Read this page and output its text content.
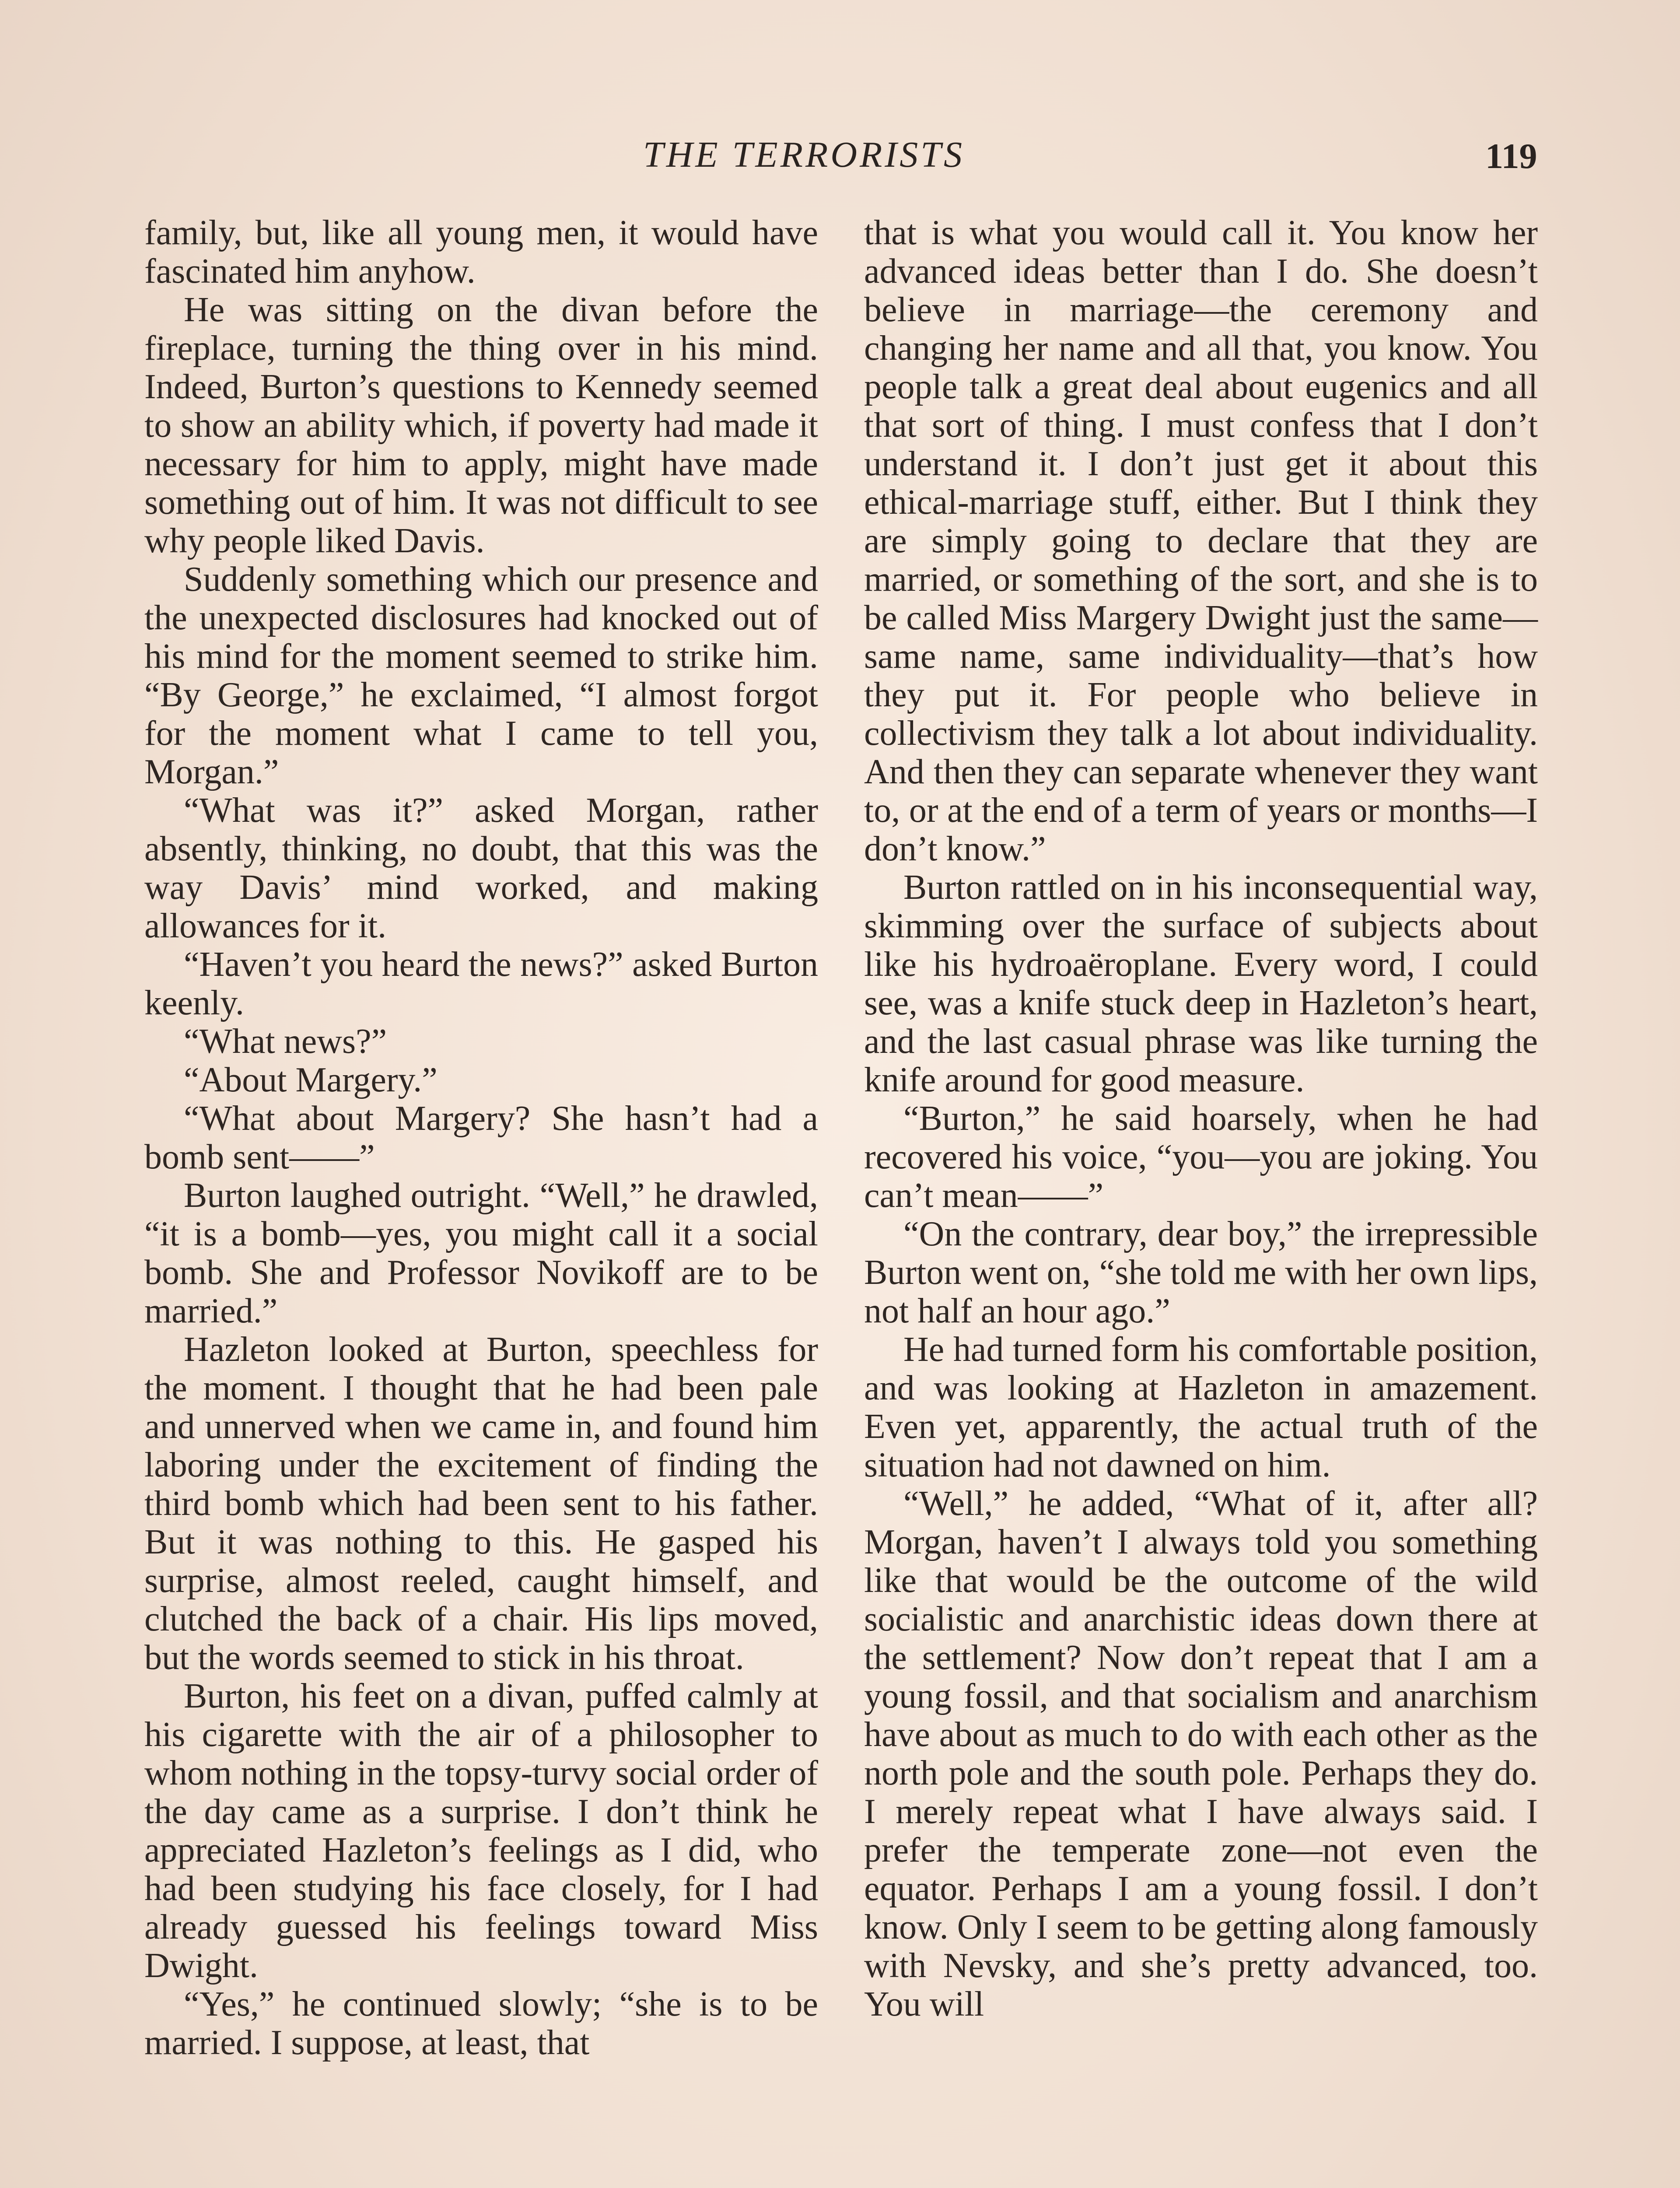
THE TERRORISTS	119

family, but, like all young men, it would have fascinated him anyhow.

He was sitting on the divan before the fireplace, turning the thing over in his mind. Indeed, Burton’s questions to Kennedy seemed to show an ability which, if poverty had made it necessary for him to apply, might have made something out of him. It was not difficult to see why people liked Davis.

Suddenly something which our presence and the unexpected disclosures had knocked out of his mind for the moment seemed to strike him. “By George,” he exclaimed, “I almost forgot for the moment what I came to tell you, Morgan.”

“What was it?” asked Morgan, rather absently, thinking, no doubt, that this was the way Davis’ mind worked, and making allowances for it.

“Haven’t you heard the news?” asked Burton keenly.

“What news?”

“About Margery.”

“What about Margery? She hasn’t had a bomb sent——”

Burton laughed outright. “Well,” he drawled, “it is a bomb—yes, you might call it a social bomb. She and Professor Novikoff are to be married.”

Hazleton looked at Burton, speechless for the moment. I thought that he had been pale and unnerved when we came in, and found him laboring under the excitement of finding the third bomb which had been sent to his father. But it was nothing to this. He gasped his surprise, almost reeled, caught himself, and clutched the back of a chair. His lips moved, but the words seemed to stick in his throat.

Burton, his feet on a divan, puffed calmly at his cigarette with the air of a philosopher to whom nothing in the topsy-turvy social order of the day came as a surprise. I don’t think he appreciated Hazleton’s feelings as I did, who had been studying his face closely, for I had already guessed his feelings toward Miss Dwight.

“Yes,” he continued slowly; “she is to be married. I suppose, at least, that

that is what you would call it. You know her advanced ideas better than I do. She doesn’t believe in marriage—the ceremony and changing her name and all that, you know. You people talk a great deal about eugenics and all that sort of thing. I must confess that I don’t understand it. I don’t just get it about this ethical-marriage stuff, either. But I think they are simply going to declare that they are married, or something of the sort, and she is to be called Miss Margery Dwight just the same—same name, same individuality—that’s how they put it. For people who believe in collectivism they talk a lot about individuality. And then they can separate whenever they want to, or at the end of a term of years or months—I don’t know.”

Burton rattled on in his inconsequential way, skimming over the surface of subjects about like his hydroaëroplane. Every word, I could see, was a knife stuck deep in Hazleton’s heart, and the last casual phrase was like turning the knife around for good measure.

“Burton,” he said hoarsely, when he had recovered his voice, “you—you are joking. You can’t mean——”

“On the contrary, dear boy,” the irrepressible Burton went on, “she told me with her own lips, not half an hour ago.”

He had turned form his comfortable position, and was looking at Hazleton in amazement. Even yet, apparently, the actual truth of the situation had not dawned on him.

“Well,” he added, “What of it, after all? Morgan, haven’t I always told you something like that would be the outcome of the wild socialistic and anarchistic ideas down there at the settlement? Now don’t repeat that I am a young fossil, and that socialism and anarchism have about as much to do with each other as the north pole and the south pole. Perhaps they do. I merely repeat what I have always said. I prefer the temperate zone—not even the equator. Perhaps I am a young fossil. I don’t know. Only I seem to be getting along famously with Nevsky, and she’s pretty advanced, too. You will
